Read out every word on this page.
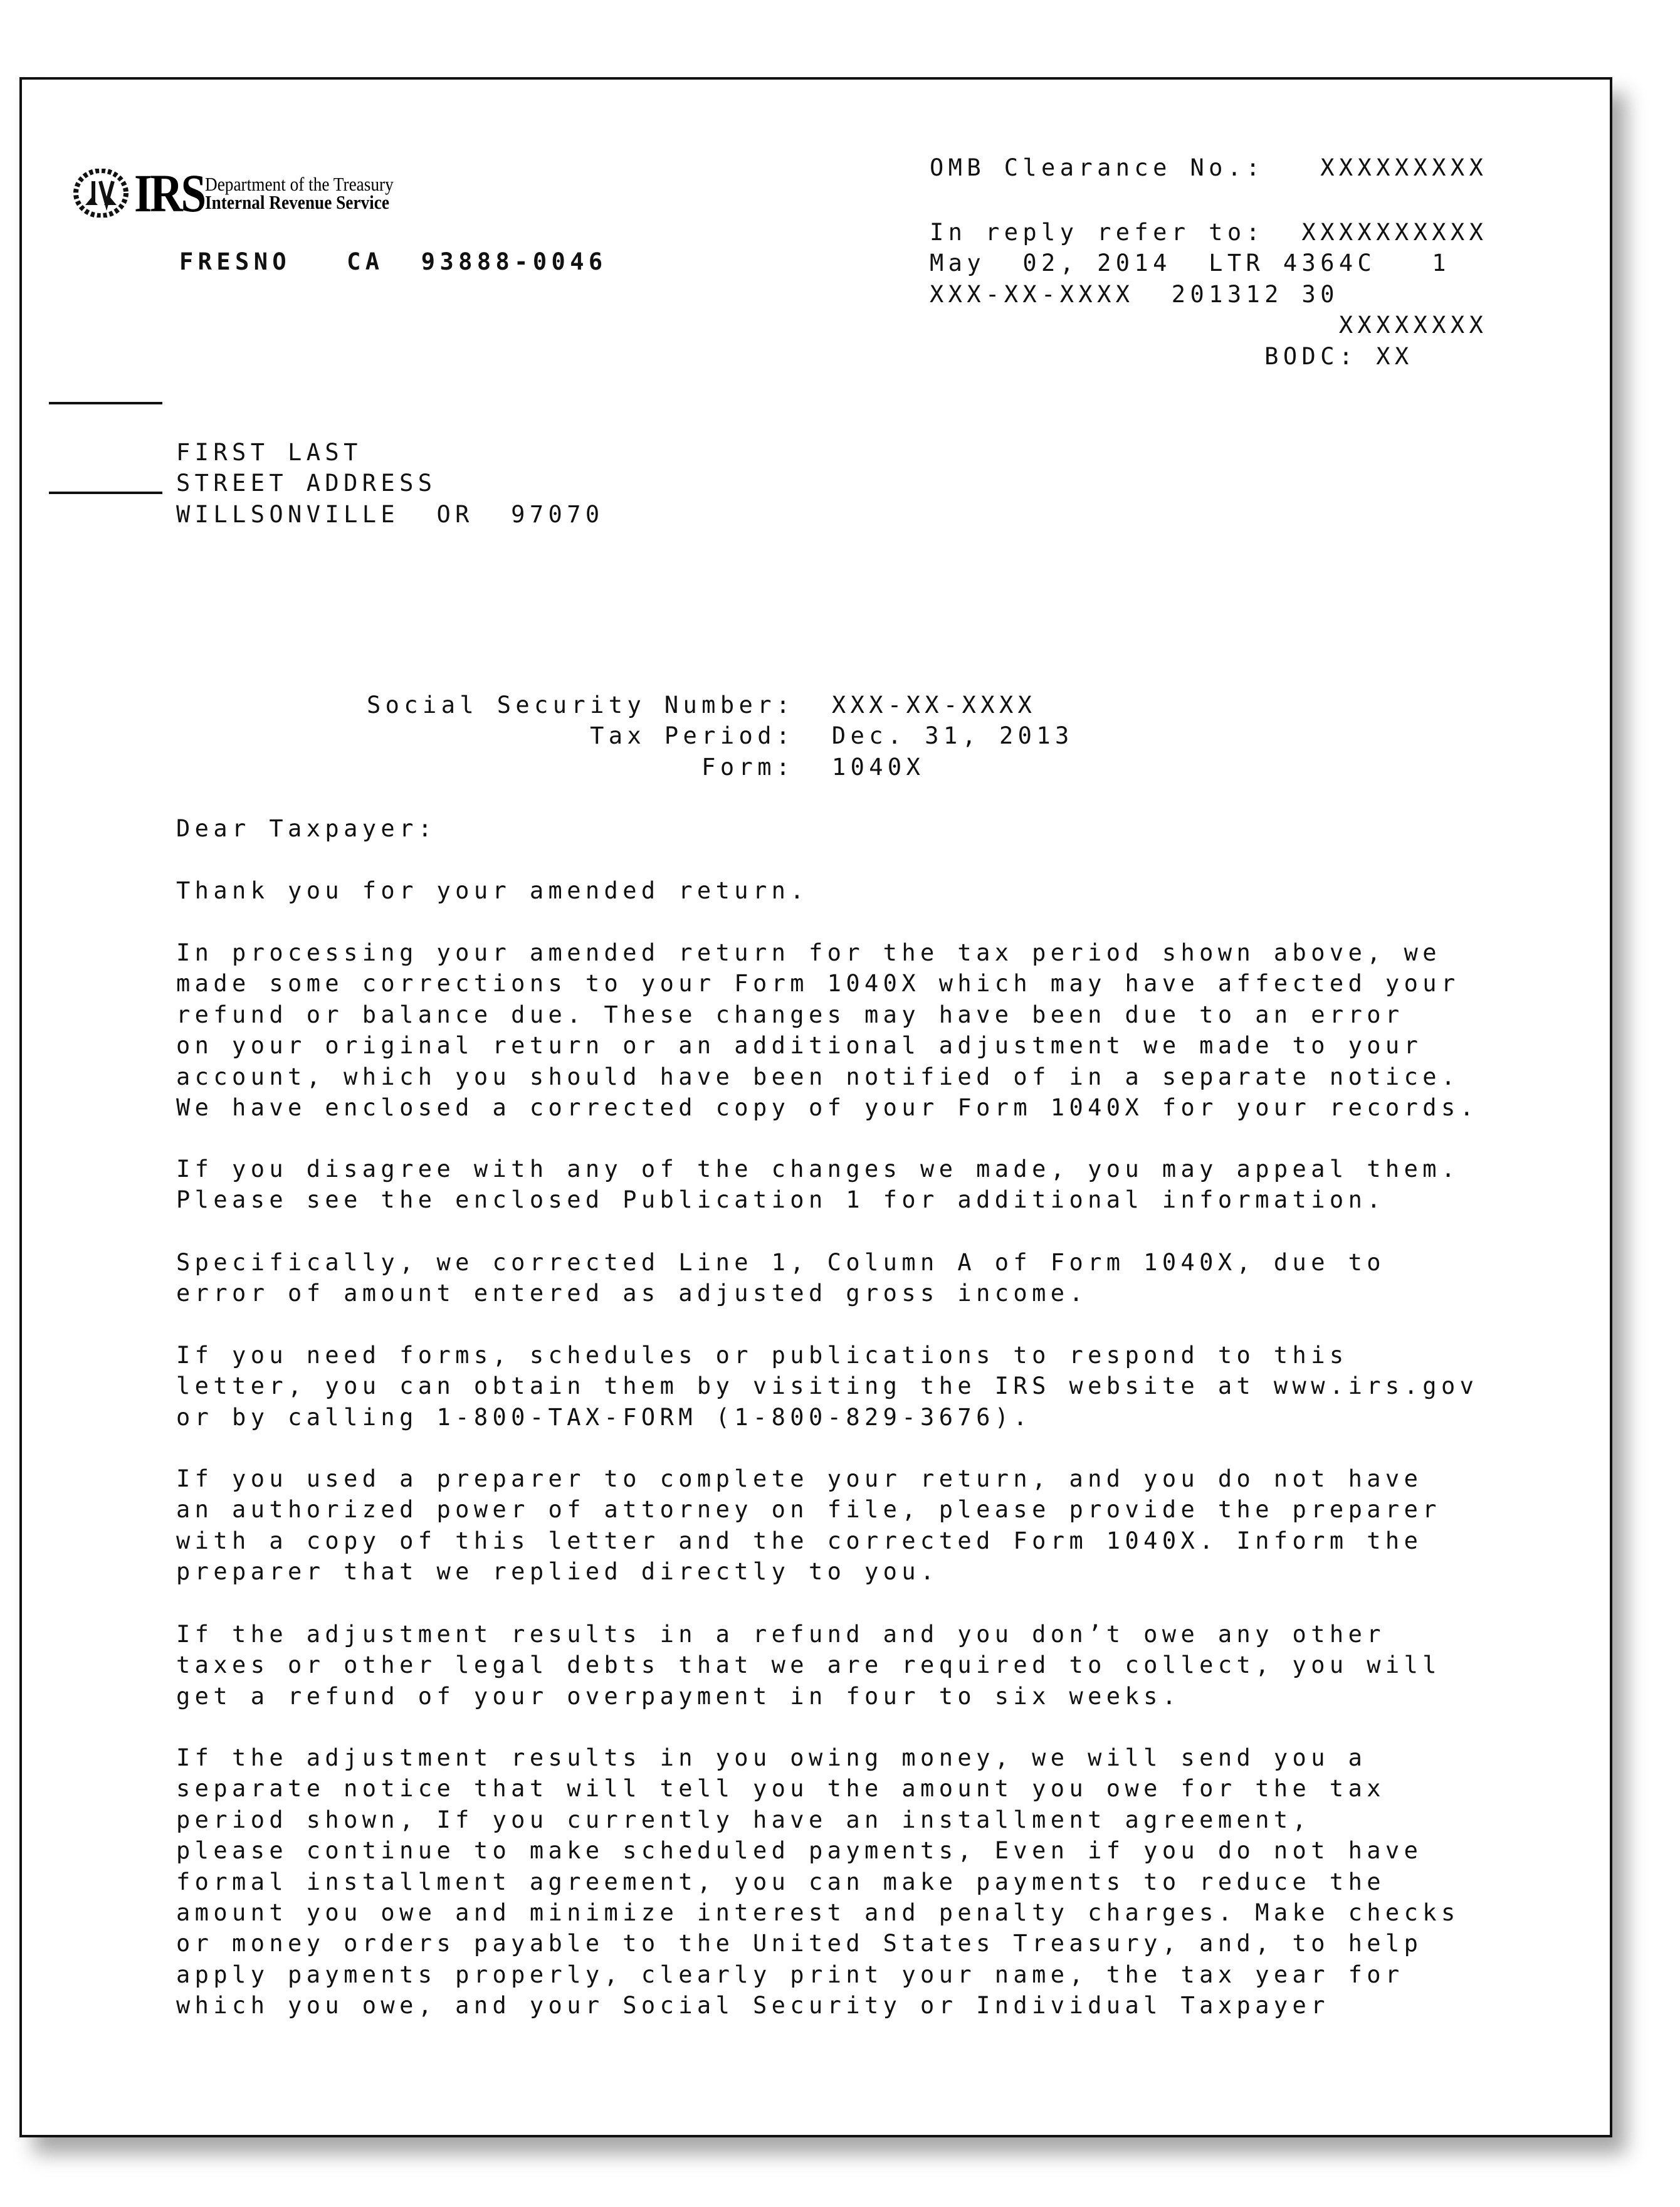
IRS Department of the Treasury
Internal Revenue Service

FRESNO   CA  93888-0046

OMB Clearance No.:   XXXXXXXXX

In reply refer to:  XXXXXXXXXX
May  02, 2014  LTR 4364C   1
XXX-XX-XXXX  201312 30
XXXXXXXX
BODC: XX

FIRST LAST
STREET ADDRESS
WILLSONVILLE  OR  97070

Social Security Number:  XXX-XX-XXXX
Tax Period:  Dec. 31, 2013
Form:  1040X

Dear Taxpayer:

Thank you for your amended return.

In processing your amended return for the tax period shown above, we
made some corrections to your Form 1040X which may have affected your
refund or balance due. These changes may have been due to an error
on your original return or an additional adjustment we made to your
account, which you should have been notified of in a separate notice.
We have enclosed a corrected copy of your Form 1040X for your records.

If you disagree with any of the changes we made, you may appeal them.
Please see the enclosed Publication 1 for additional information.

Specifically, we corrected Line 1, Column A of Form 1040X, due to
error of amount entered as adjusted gross income.

If you need forms, schedules or publications to respond to this
letter, you can obtain them by visiting the IRS website at www.irs.gov
or by calling 1-800-TAX-FORM (1-800-829-3676).

If you used a preparer to complete your return, and you do not have
an authorized power of attorney on file, please provide the preparer
with a copy of this letter and the corrected Form 1040X. Inform the
preparer that we replied directly to you.

If the adjustment results in a refund and you don’t owe any other
taxes or other legal debts that we are required to collect, you will
get a refund of your overpayment in four to six weeks.

If the adjustment results in you owing money, we will send you a
separate notice that will tell you the amount you owe for the tax
period shown, If you currently have an installment agreement,
please continue to make scheduled payments, Even if you do not have
formal installment agreement, you can make payments to reduce the
amount you owe and minimize interest and penalty charges. Make checks
or money orders payable to the United States Treasury, and, to help
apply payments properly, clearly print your name, the tax year for
which you owe, and your Social Security or Individual Taxpayer
